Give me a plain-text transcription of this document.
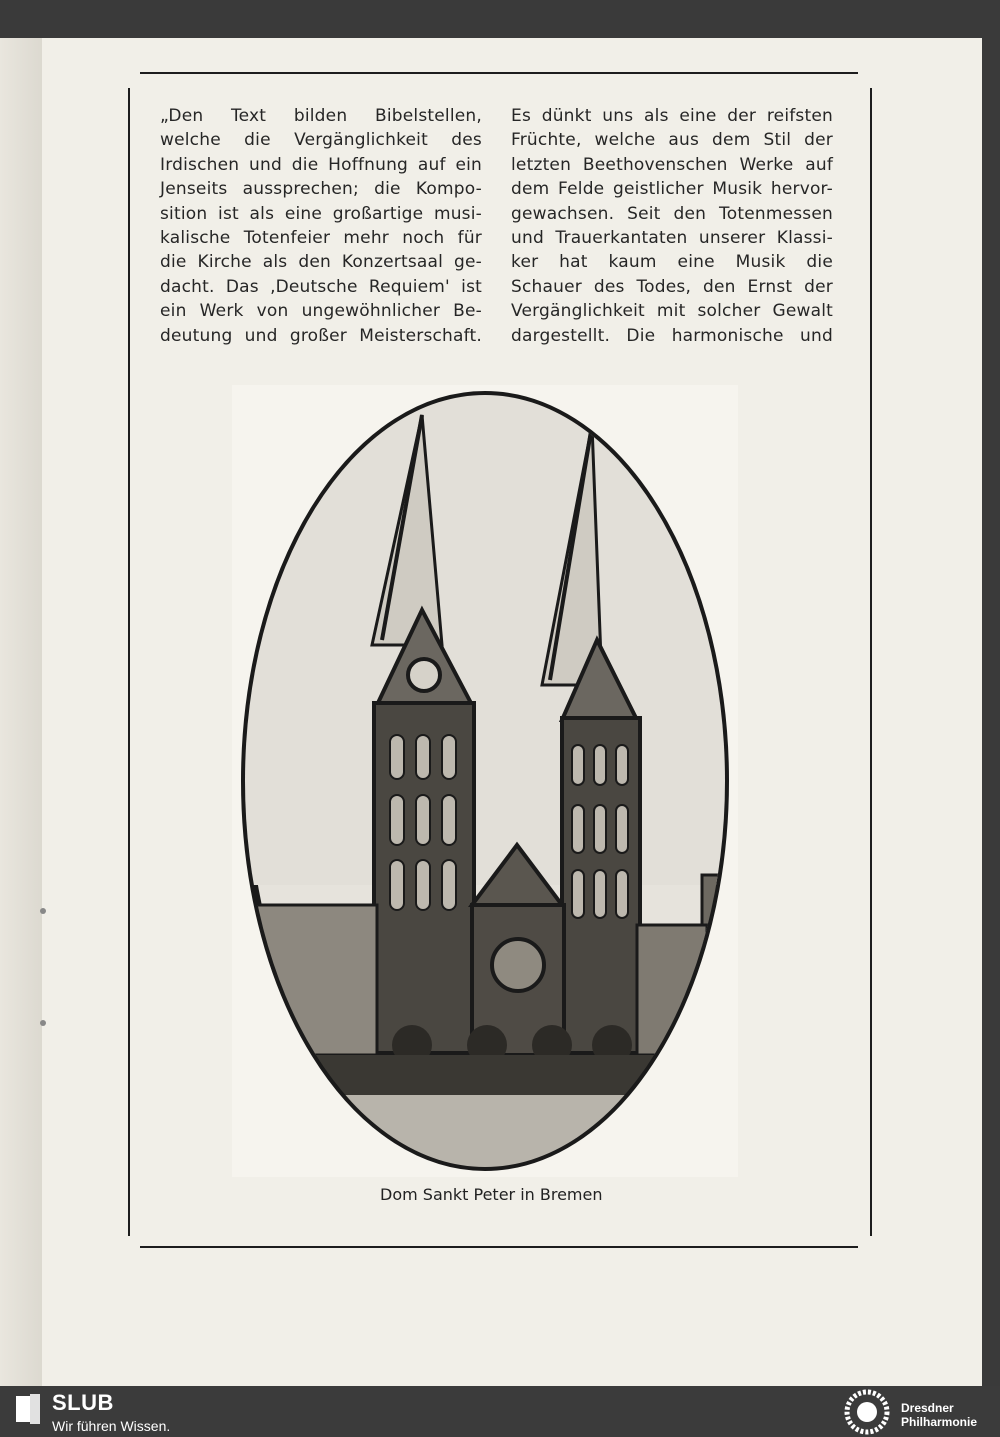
„Den Text bilden Bibelstellen,
welche die Vergänglichkeit des
Irdischen und die Hoffnung auf ein
Jenseits aussprechen; die Kompo-
sition ist als eine großartige musi-
kalische Totenfeier mehr noch für
die Kirche als den Konzertsaal ge-
dacht. Das ‚Deutsche Requiem' ist
ein Werk von ungewöhnlicher Be-
deutung und großer Meisterschaft.
Es dünkt uns als eine der reifsten
Früchte, welche aus dem Stil der
letzten Beethovenschen Werke auf
dem Felde geistlicher Musik hervor-
gewachsen. Seit den Totenmessen
und Trauerkantaten unserer Klassi-
ker hat kaum eine Musik die
Schauer des Todes, den Ernst der
Vergänglichkeit mit solcher Gewalt
dargestellt. Die harmonische und
Dom Sankt Peter in Bremen
SLUB
Wir führen Wissen.
Dresdner
Philharmonie
